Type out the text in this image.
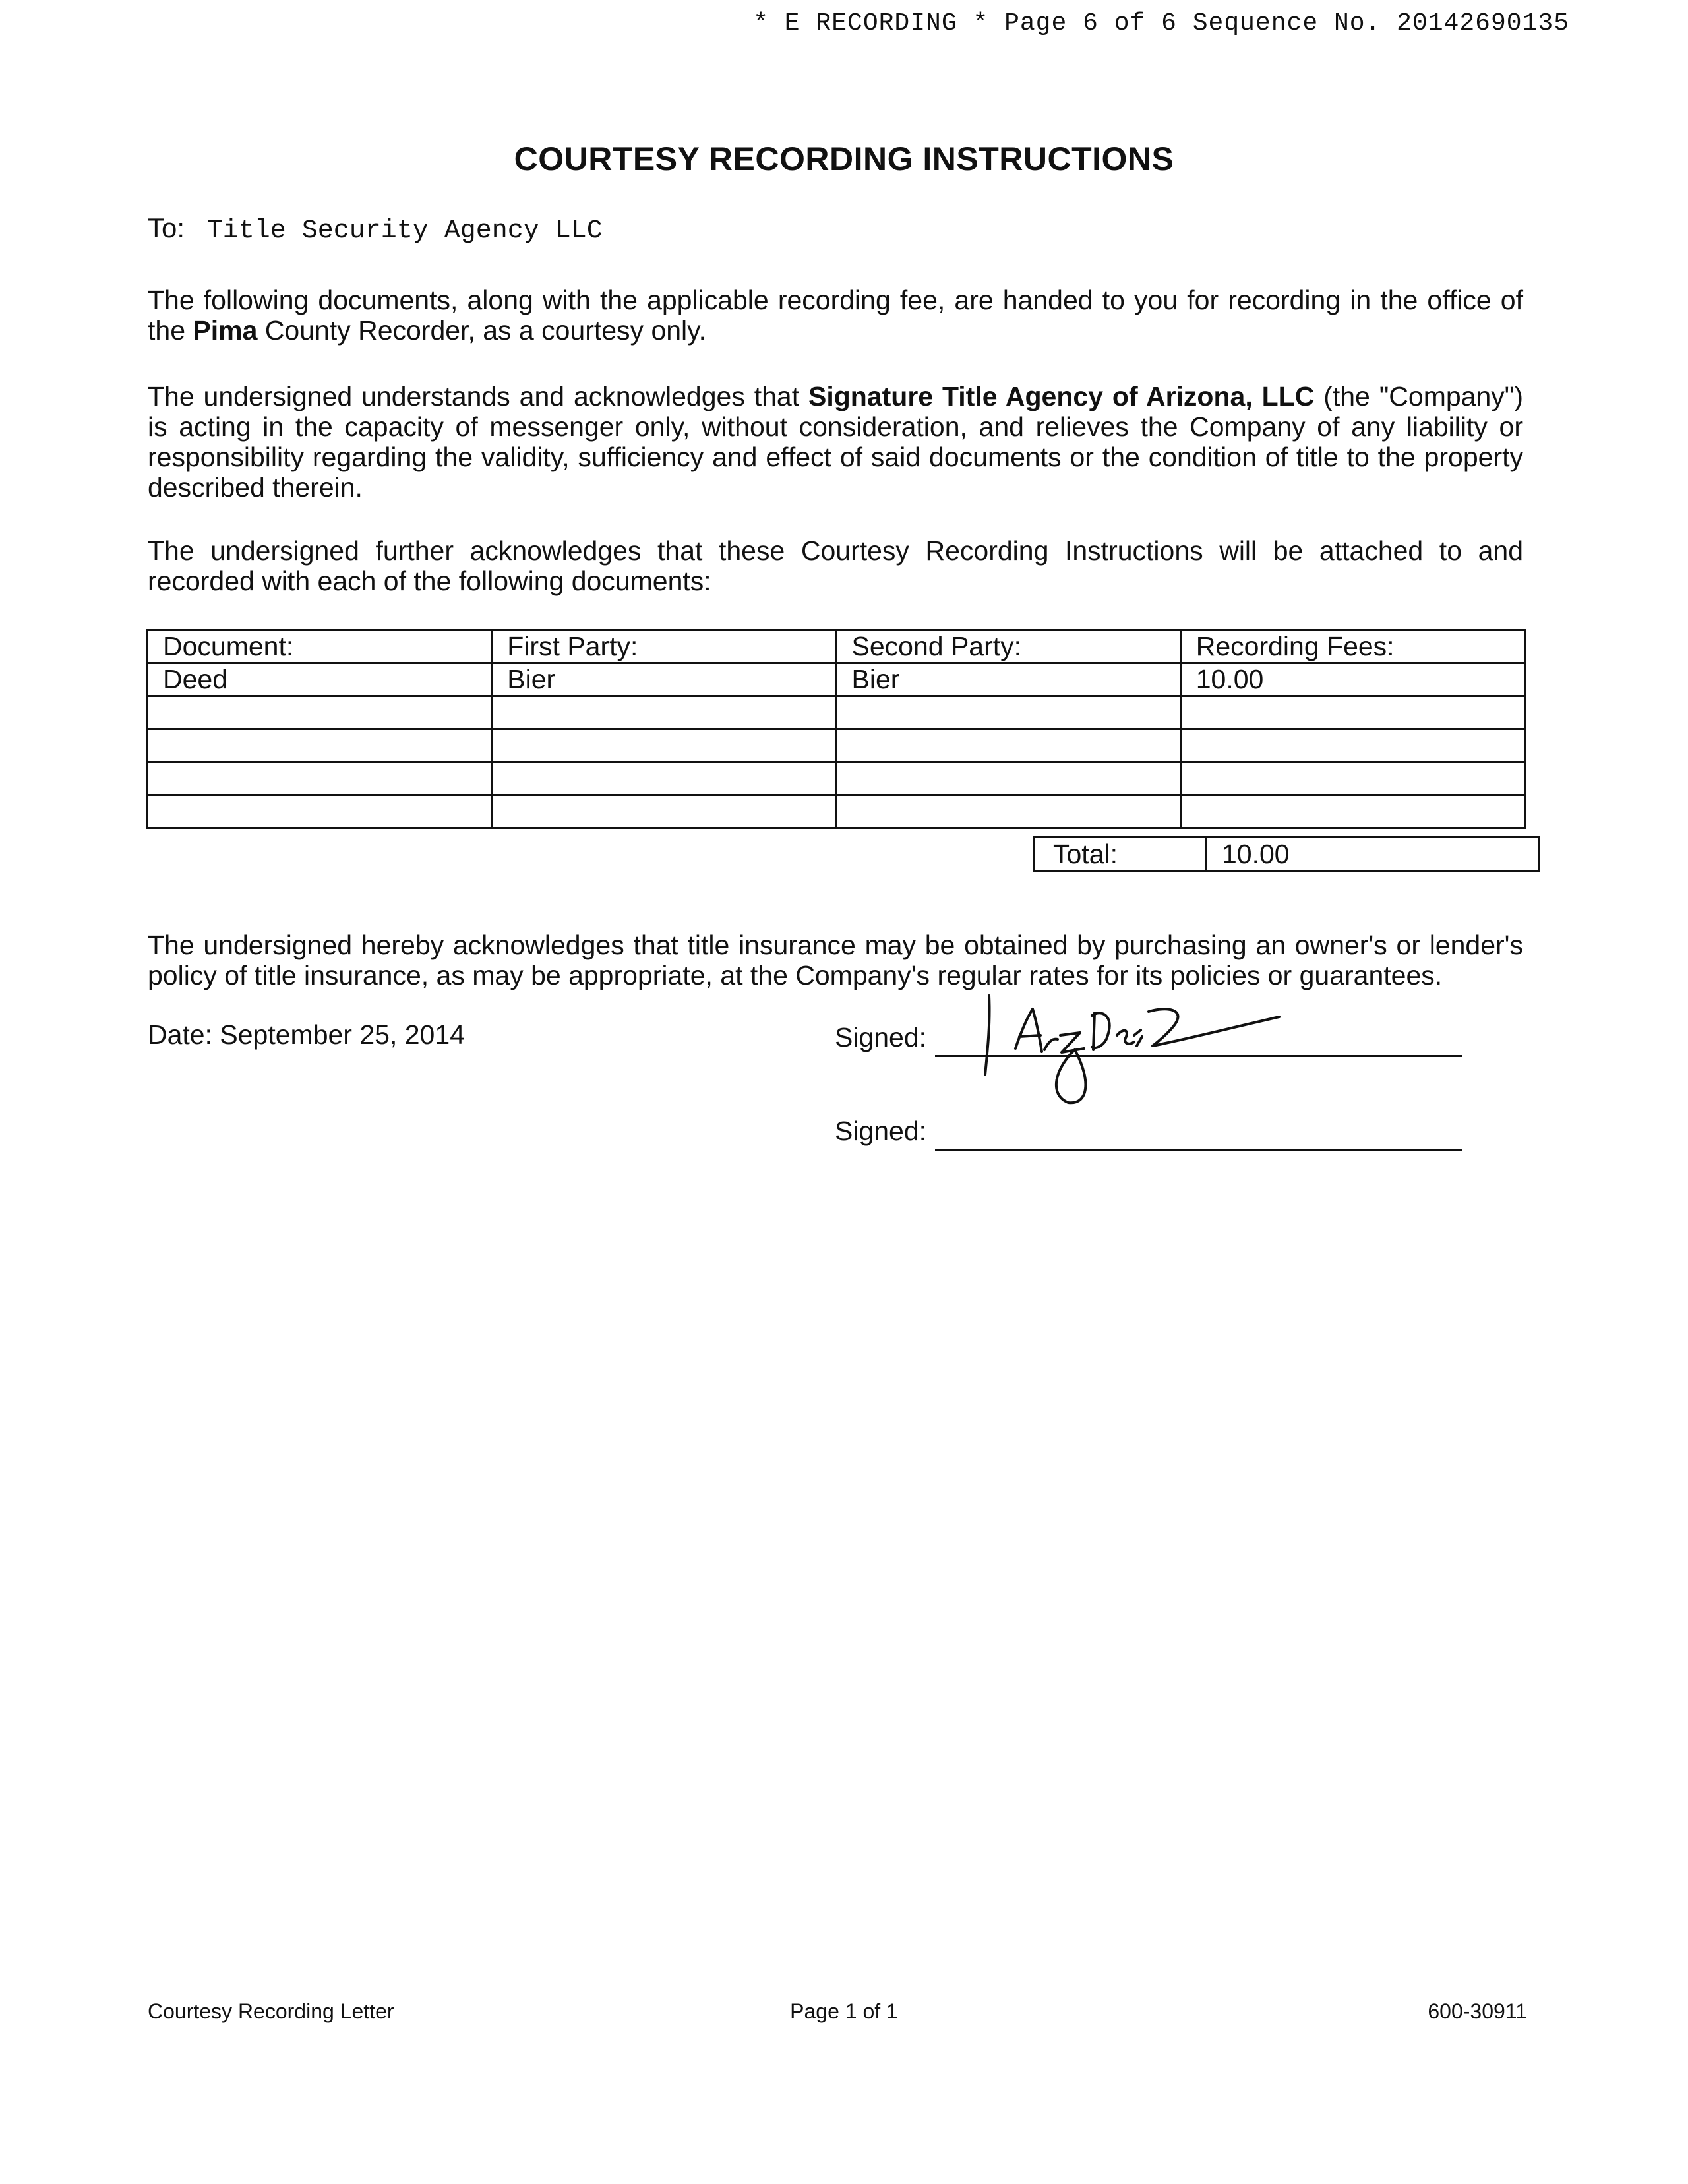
* E RECORDING * Page 6 of 6 Sequence No. 20142690135
COURTESY RECORDING INSTRUCTIONS
To: Title Security Agency LLC
The following documents, along with the applicable recording fee, are handed to you for recording in the office of the Pima County Recorder, as a courtesy only.
The undersigned understands and acknowledges that Signature Title Agency of Arizona, LLC (the "Company") is acting in the capacity of messenger only, without consideration, and relieves the Company of any liability or responsibility regarding the validity, sufficiency and effect of said documents or the condition of title to the property described therein.
The undersigned further acknowledges that these Courtesy Recording Instructions will be attached to and recorded with each of the following documents:
Document:	First Party:	Second Party:	Recording Fees:
Deed	Bier	Bier	10.00

Total:	10.00
The undersigned hereby acknowledges that title insurance may be obtained by purchasing an owner's or lender's policy of title insurance, as may be appropriate, at the Company's regular rates for its policies or guarantees.
Date: September 25, 2014	Signed:
Signed:
Courtesy Recording Letter	Page 1 of 1	600-30911
